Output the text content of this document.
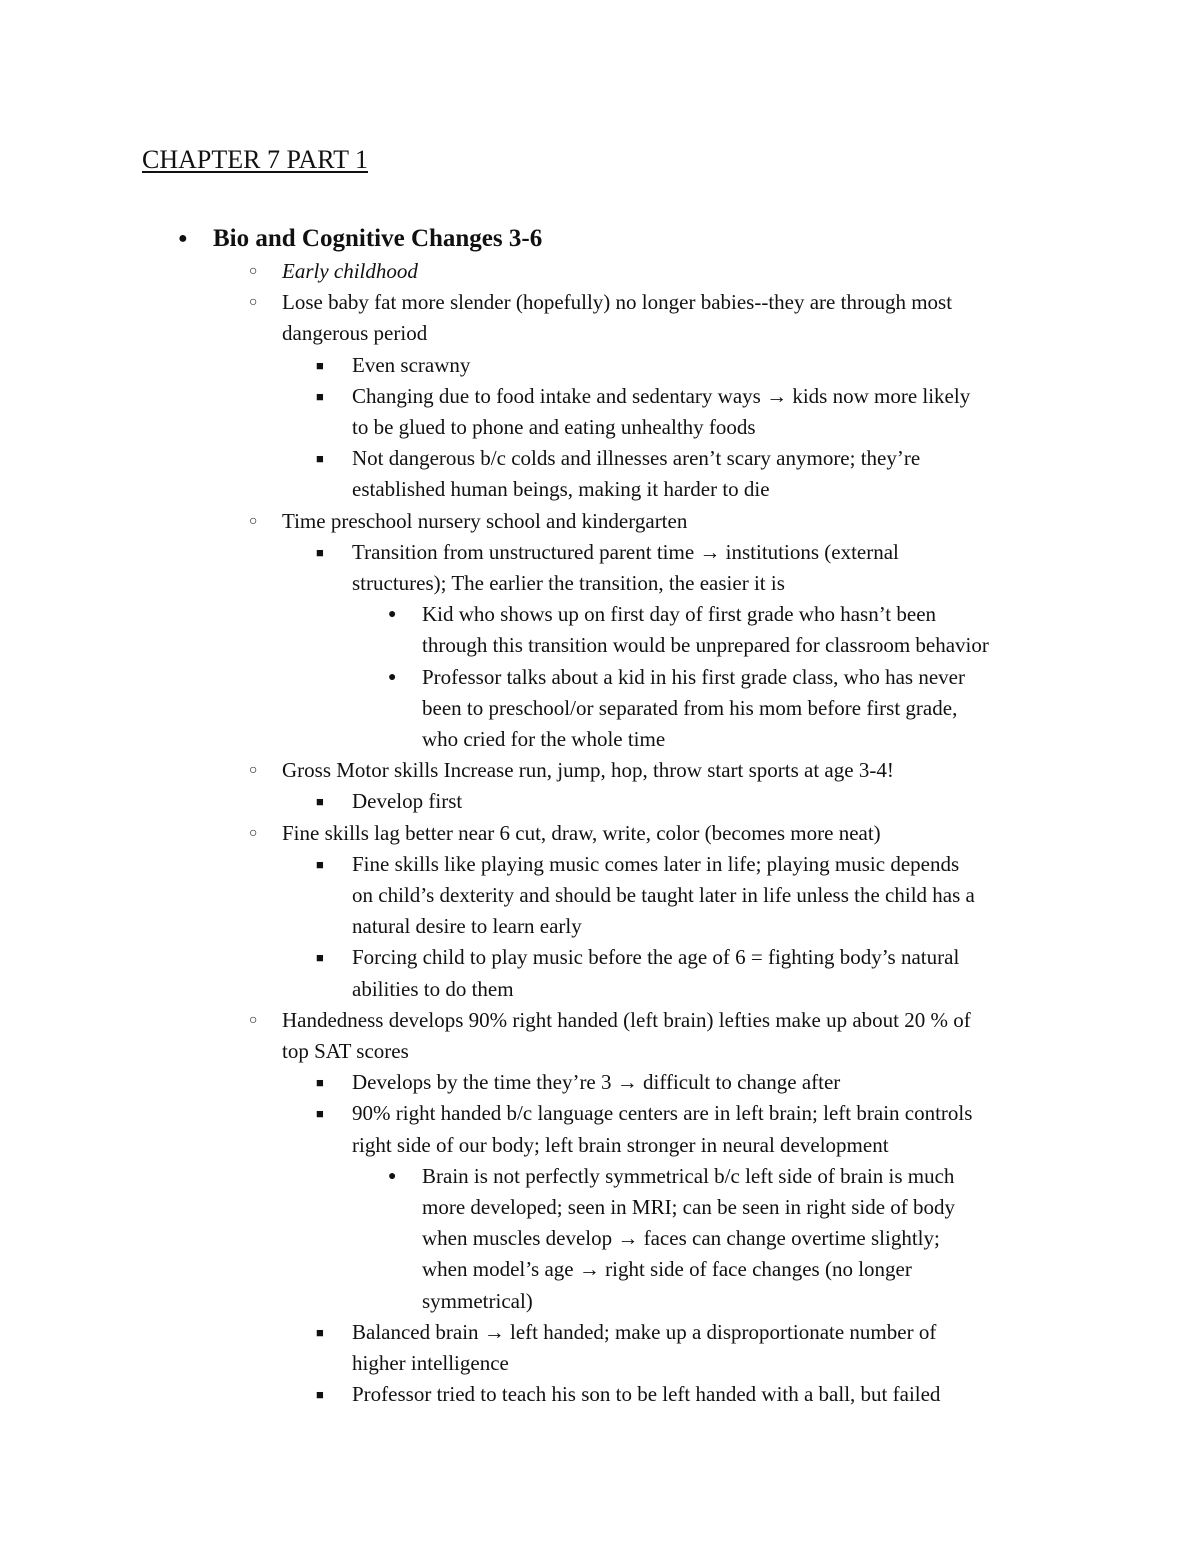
CHAPTER 7 PART 1
● Bio and Cognitive Changes 3-6
○ Early childhood
○ Lose baby fat more slender (hopefully) no longer babies--they are through most
dangerous period
■ Even scrawny
■ Changing due to food intake and sedentary ways → kids now more likely
to be glued to phone and eating unhealthy foods
■ Not dangerous b/c colds and illnesses aren’t scary anymore; they’re
established human beings, making it harder to die
○ Time preschool nursery school and kindergarten
■ Transition from unstructured parent time → institutions (external
structures); The earlier the transition, the easier it is
● Kid who shows up on first day of first grade who hasn’t been
through this transition would be unprepared for classroom behavior
● Professor talks about a kid in his first grade class, who has never
been to preschool/or separated from his mom before first grade,
who cried for the whole time
○ Gross Motor skills Increase run, jump, hop, throw start sports at age 3-4!
■ Develop first
○ Fine skills lag better near 6 cut, draw, write, color (becomes more neat)
■ Fine skills like playing music comes later in life; playing music depends
on child’s dexterity and should be taught later in life unless the child has a
natural desire to learn early
■ Forcing child to play music before the age of 6 = fighting body’s natural
abilities to do them
○ Handedness develops 90% right handed (left brain) lefties make up about 20 % of
top SAT scores
■ Develops by the time they’re 3 → difficult to change after
■ 90% right handed b/c language centers are in left brain; left brain controls
right side of our body; left brain stronger in neural development
● Brain is not perfectly symmetrical b/c left side of brain is much
more developed; seen in MRI; can be seen in right side of body
when muscles develop → faces can change overtime slightly;
when model’s age → right side of face changes (no longer
symmetrical)
■ Balanced brain → left handed; make up a disproportionate number of
higher intelligence
■ Professor tried to teach his son to be left handed with a ball, but failed
